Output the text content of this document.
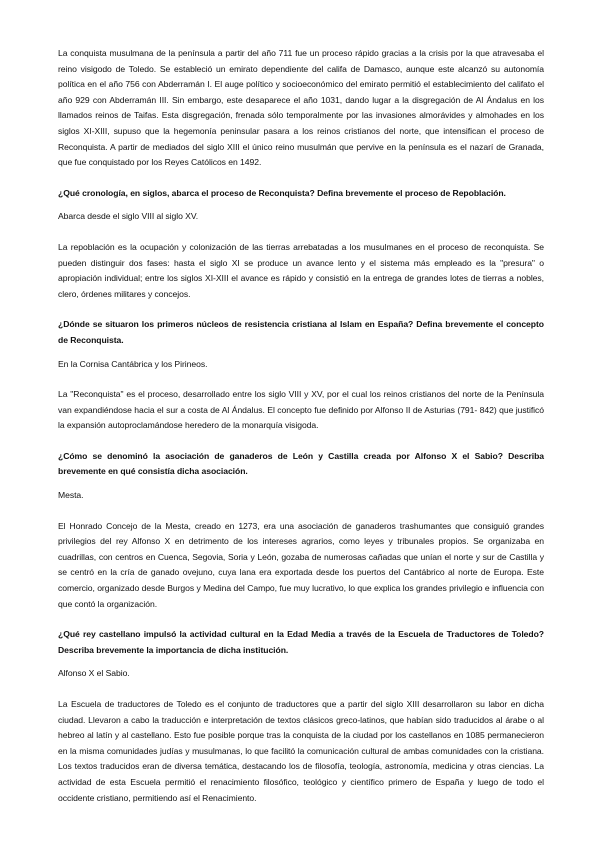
La conquista musulmana de la península a partir del año 711 fue un proceso rápido gracias a la crisis por la que atravesaba el reino visigodo de Toledo. Se estableció un emirato dependiente del califa de Damasco, aunque este alcanzó su autonomía política en el año 756 con Abderramán I. El auge político y socioeconómico del emirato permitió el establecimiento del califato el año 929 con Abderramán III. Sin embargo, este desaparece el año 1031, dando lugar a la disgregación de Al Ándalus en los llamados reinos de Taifas. Esta disgregación, frenada sólo temporalmente por las invasiones almorávides y almohades en los siglos XI-XIII, supuso que la hegemonía peninsular pasara a los reinos cristianos del norte, que intensifican el proceso de Reconquista. A partir de mediados del siglo XIII el único reino musulmán que pervive en la península es el nazarí de Granada, que fue conquistado por los Reyes Católicos en 1492.

¿Qué cronología, en siglos, abarca el proceso de Reconquista? Defina brevemente el proceso de Repoblación.

Abarca desde el siglo VIII al siglo XV.

La repoblación es la ocupación y colonización de las tierras arrebatadas a los musulmanes en el proceso de reconquista. Se pueden distinguir dos fases: hasta el siglo XI se produce un avance lento y el sistema más empleado es la "presura" o apropiación individual; entre los siglos XI-XIII el avance es rápido y consistió en la entrega de grandes lotes de tierras a nobles, clero, órdenes militares y concejos.

¿Dónde se situaron los primeros núcleos de resistencia cristiana al Islam en España? Defina brevemente el concepto de Reconquista.

En la Cornisa Cantábrica y los Pirineos.

La "Reconquista" es el proceso, desarrollado entre los siglo VIII y XV, por el cual los reinos cristianos del norte de la Península van expandiéndose hacia el sur a costa de Al Ándalus. El concepto fue definido por Alfonso II de Asturias (791- 842) que justificó la expansión autoproclamándose heredero de la monarquía visigoda.

¿Cómo se denominó la asociación de ganaderos de León y Castilla creada por Alfonso X el Sabio? Describa brevemente en qué consistía dicha asociación.

Mesta.

El Honrado Concejo de la Mesta, creado en 1273, era una asociación de ganaderos trashumantes que consiguió grandes privilegios del rey Alfonso X en detrimento de los intereses agrarios, como leyes y tribunales propios. Se organizaba en cuadrillas, con centros en Cuenca, Segovia, Soria y León, gozaba de numerosas cañadas que unían el norte y sur de Castilla y se centró en la cría de ganado ovejuno, cuya lana era exportada desde los puertos del Cantábrico al norte de Europa. Este comercio, organizado desde Burgos y Medina del Campo, fue muy lucrativo, lo que explica los grandes privilegio e influencia con que contó la organización.

¿Qué rey castellano impulsó la actividad cultural en la Edad Media a través de la Escuela de Traductores de Toledo? Describa brevemente la importancia de dicha institución.

Alfonso X el Sabio.

La Escuela de traductores de Toledo es el conjunto de traductores que a partir del siglo XIII desarrollaron su labor en dicha ciudad. Llevaron a cabo la traducción e interpretación de textos clásicos greco-latinos, que habían sido traducidos al árabe o al hebreo al latín y al castellano. Esto fue posible porque tras la conquista de la ciudad por los castellanos en 1085 permanecieron en la misma comunidades judías y musulmanas, lo que facilitó la comunicación cultural de ambas comunidades con la cristiana. Los textos traducidos eran de diversa temática, destacando los de filosofía, teología, astronomía, medicina y otras ciencias. La actividad de esta Escuela permitió el renacimiento filosófico, teológico y científico primero de España y luego de todo el occidente cristiano, permitiendo así el Renacimiento.
